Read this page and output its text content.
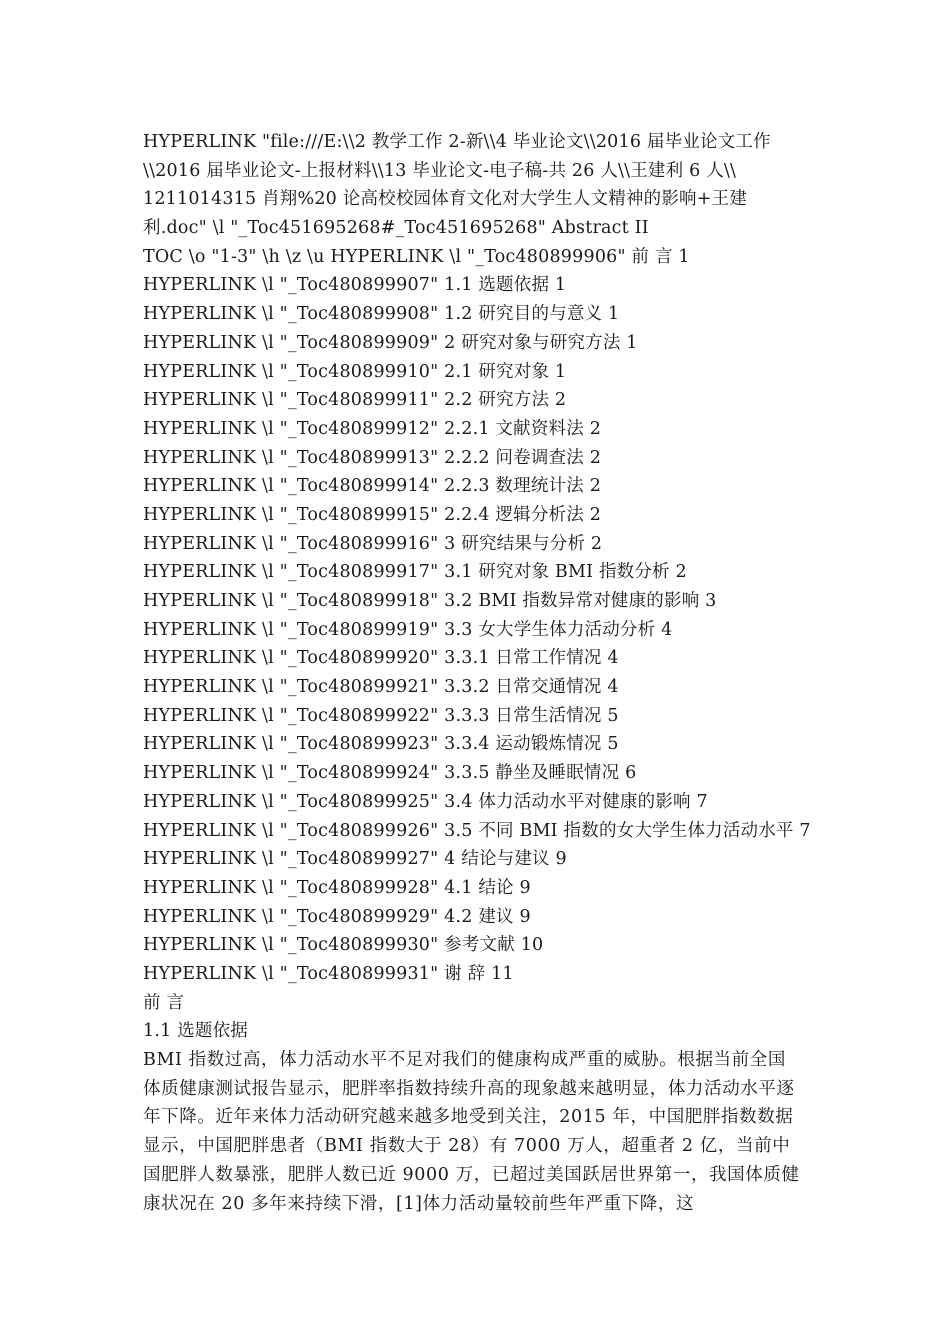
HYPERLINK "file:///E:\\2 教学工作 2-新\\4 毕业论文\\2016 届毕业论文工作
\\2016 届毕业论文-上报材料\\13 毕业论文-电子稿-共 26 人\\王建利 6 人\\
1211014315 肖翔%20 论高校校园体育文化对大学生人文精神的影响+王建
利.doc" \l "_Toc451695268#_Toc451695268" Abstract II
TOC \o "1-3" \h \z \u HYPERLINK \l "_Toc480899906" 前 言 1
HYPERLINK \l "_Toc480899907" 1.1 选题依据 1
HYPERLINK \l "_Toc480899908" 1.2 研究目的与意义 1
HYPERLINK \l "_Toc480899909" 2 研究对象与研究方法 1
HYPERLINK \l "_Toc480899910" 2.1 研究对象 1
HYPERLINK \l "_Toc480899911" 2.2 研究方法 2
HYPERLINK \l "_Toc480899912" 2.2.1 文献资料法 2
HYPERLINK \l "_Toc480899913" 2.2.2 问卷调查法 2
HYPERLINK \l "_Toc480899914" 2.2.3 数理统计法 2
HYPERLINK \l "_Toc480899915" 2.2.4 逻辑分析法 2
HYPERLINK \l "_Toc480899916" 3 研究结果与分析 2
HYPERLINK \l "_Toc480899917" 3.1 研究对象 BMI 指数分析 2
HYPERLINK \l "_Toc480899918" 3.2 BMI 指数异常对健康的影响 3
HYPERLINK \l "_Toc480899919" 3.3 女大学生体力活动分析 4
HYPERLINK \l "_Toc480899920" 3.3.1 日常工作情况 4
HYPERLINK \l "_Toc480899921" 3.3.2 日常交通情况 4
HYPERLINK \l "_Toc480899922" 3.3.3 日常生活情况 5
HYPERLINK \l "_Toc480899923" 3.3.4 运动锻炼情况 5
HYPERLINK \l "_Toc480899924" 3.3.5 静坐及睡眠情况 6
HYPERLINK \l "_Toc480899925" 3.4 体力活动水平对健康的影响 7
HYPERLINK \l "_Toc480899926" 3.5 不同 BMI 指数的女大学生体力活动水平 7
HYPERLINK \l "_Toc480899927" 4 结论与建议 9
HYPERLINK \l "_Toc480899928" 4.1 结论 9
HYPERLINK \l "_Toc480899929" 4.2 建议 9
HYPERLINK \l "_Toc480899930" 参考文献 10
HYPERLINK \l "_Toc480899931" 谢 辞 11
前 言
1.1 选题依据
BMI 指数过高，体力活动水平不足对我们的健康构成严重的威胁。根据当前全国体质健康测试报告显示，肥胖率指数持续升高的现象越来越明显，体力活动水平逐年下降。近年来体力活动研究越来越多地受到关注，2015 年，中国肥胖指数数据显示，中国肥胖患者（BMI 指数大于 28）有 7000 万人，超重者 2 亿，当前中国肥胖人数暴涨，肥胖人数已近 9000 万，已超过美国跃居世界第一，我国体质健康状况在 20 多年来持续下滑，[1]体力活动量较前些年严重下降，这
